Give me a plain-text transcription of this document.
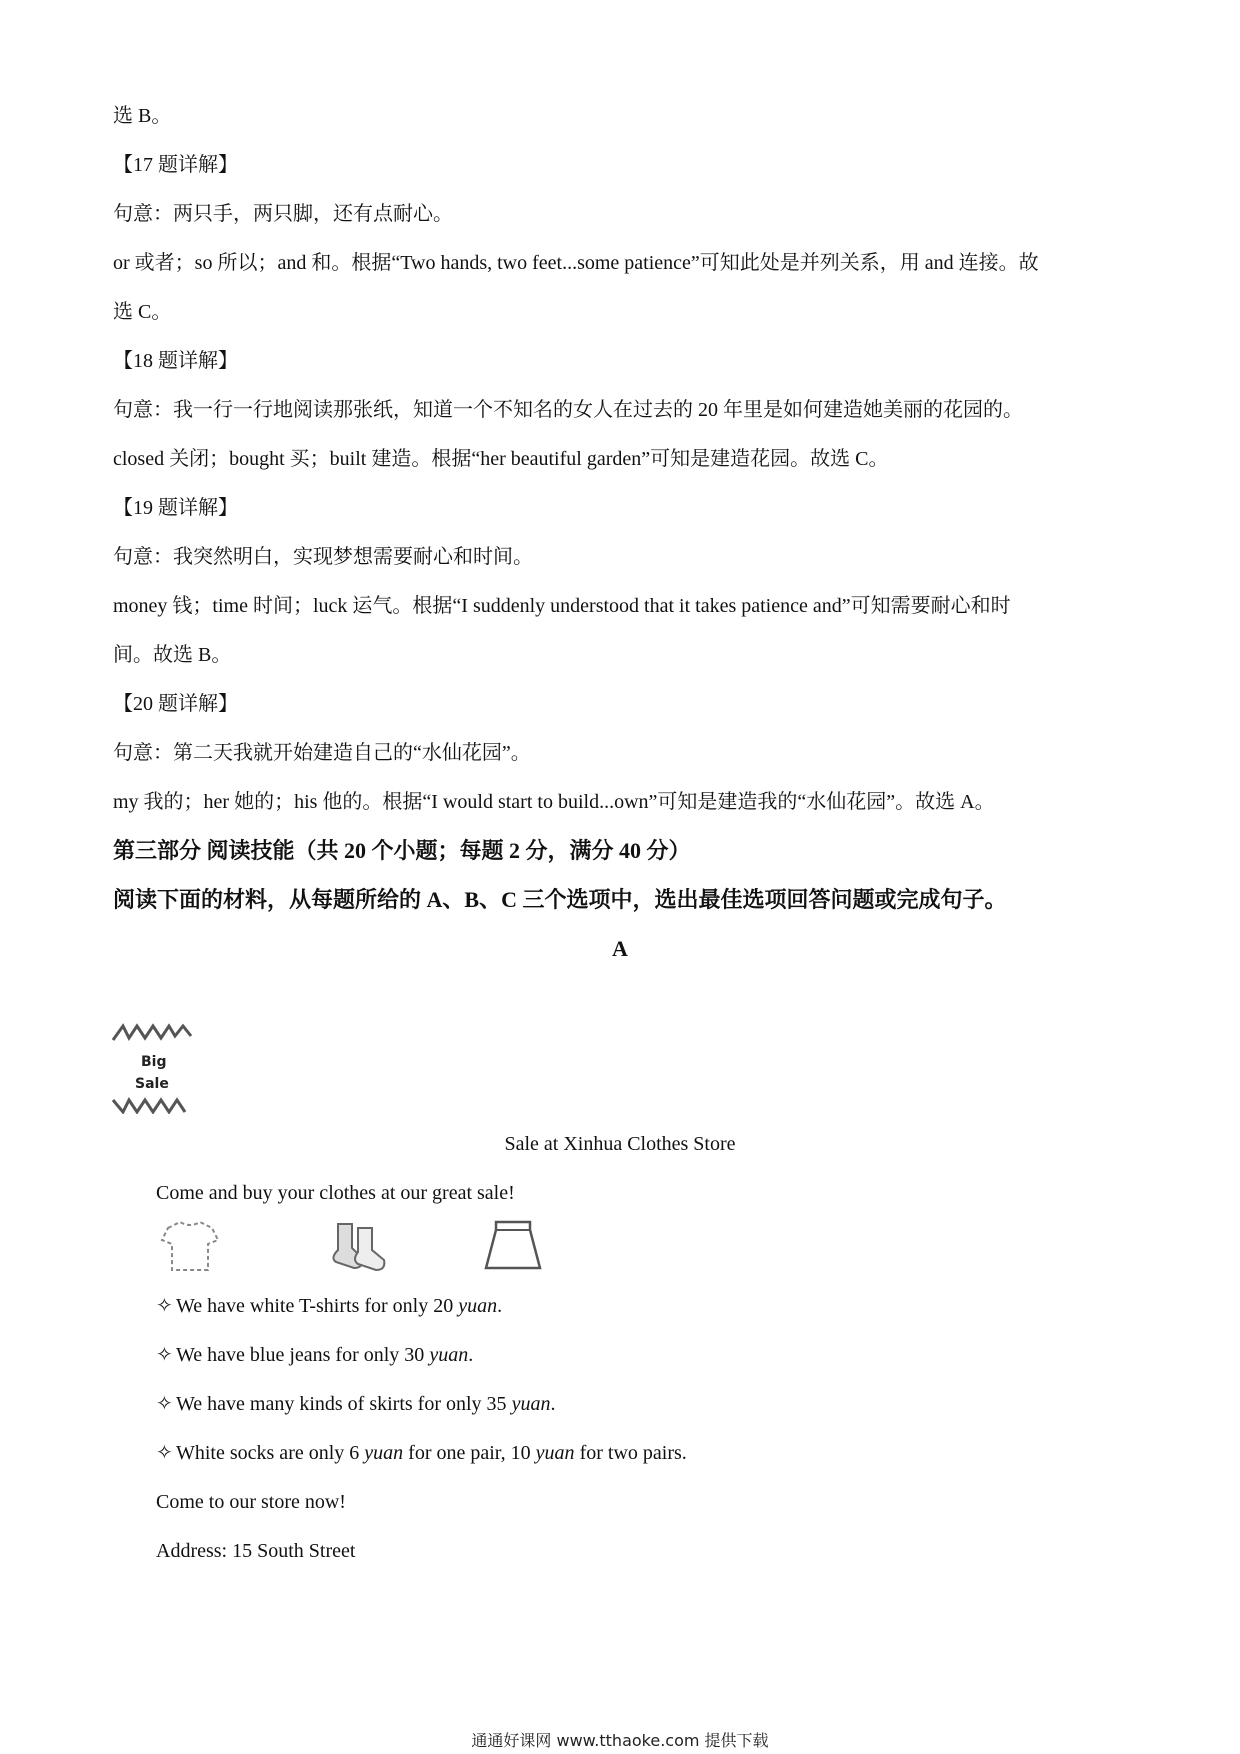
选 B。
【17 题详解】
句意：两只手，两只脚，还有点耐心。
or 或者；so 所以；and 和。根据“Two hands, two feet...some patience”可知此处是并列关系，用 and 连接。故
选 C。
【18 题详解】
句意：我一行一行地阅读那张纸，知道一个不知名的女人在过去的 20 年里是如何建造她美丽的花园的。
closed 关闭；bought 买；built 建造。根据“her beautiful garden”可知是建造花园。故选 C。
【19 题详解】
句意：我突然明白，实现梦想需要耐心和时间。
money 钱；time 时间；luck 运气。根据“I suddenly understood that it takes patience and”可知需要耐心和时
间。故选 B。
【20 题详解】
句意：第二天我就开始建造自己的“水仙花园”。
my 我的；her 她的；his 他的。根据“I would start to build...own”可知是建造我的“水仙花园”。故选 A。
第三部分 阅读技能（共 20 个小题；每题 2 分，满分 40 分）
阅读下面的材料，从每题所给的 A、B、C 三个选项中，选出最佳选项回答问题或完成句子。
A
Big
Sale
Sale at Xinhua Clothes Store
Come and buy your clothes at our great sale!
✧ We have white T-shirts for only 20 yuan.
✧ We have blue jeans for only 30 yuan.
✧ We have many kinds of skirts for only 35 yuan.
✧ White socks are only 6 yuan for one pair, 10 yuan for two pairs.
Come to our store now!
Address: 15 South Street
通通好课网 www.tthaoke.com 提供下载
